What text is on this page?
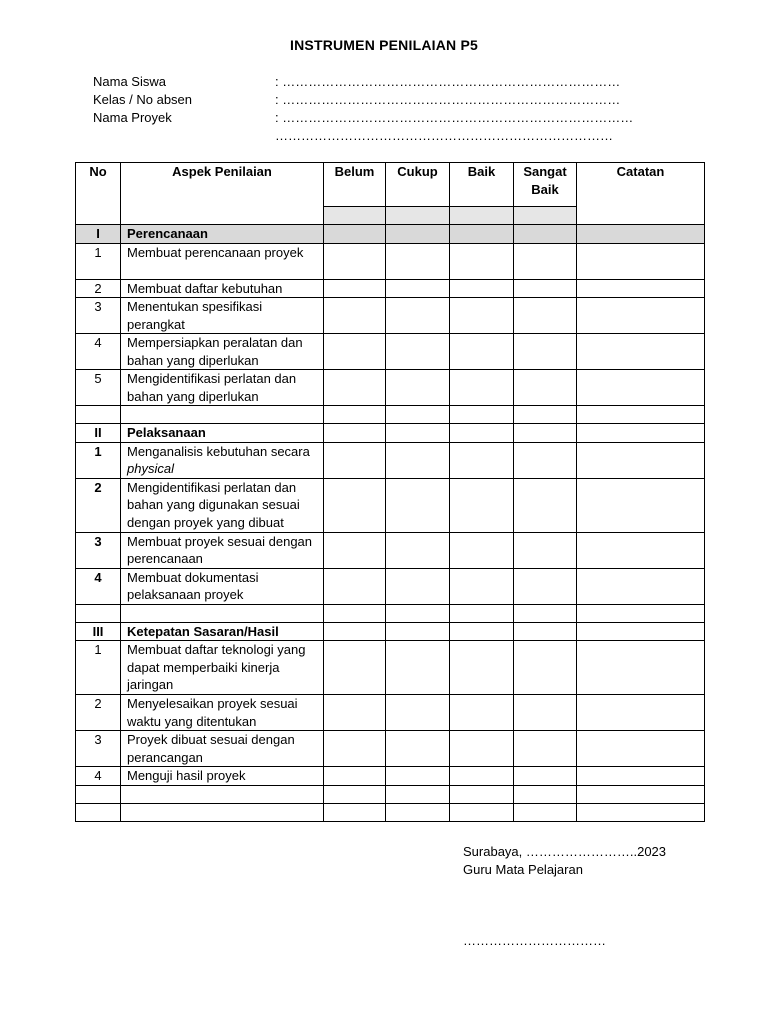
INSTRUMEN PENILAIAN P5
Nama Siswa	: ……………………………………………………………………
Kelas / No absen	: ……………………………………………………………………
Nama Proyek	: ………………………………………………………………………
……………………………………………………………………
No	Aspek Penilaian	Belum	Cukup	Baik	Sangat Baik	Catatan

I	Perencanaan					
1	Membuat perencanaan proyek					
2	Membuat daftar kebutuhan					
3	Menentukan spesifikasi perangkat					
4	Mempersiapkan peralatan dan bahan yang diperlukan					
5	Mengidentifikasi perlatan dan bahan yang diperlukan					

II	Pelaksanaan					
1	Menganalisis kebutuhan secara physical					
2	Mengidentifikasi perlatan dan bahan yang digunakan sesuai dengan proyek yang dibuat					
3	Membuat proyek sesuai dengan perencanaan					
4	Membuat dokumentasi pelaksanaan proyek					

III	Ketepatan Sasaran/Hasil					
1	Membuat daftar teknologi yang dapat memperbaiki kinerja jaringan					
2	Menyelesaikan proyek sesuai waktu yang ditentukan					
3	Proyek dibuat sesuai dengan perancangan					
4	Menguji hasil proyek					

Surabaya, ……………………..2023
Guru Mata Pelajaran
……………………………
